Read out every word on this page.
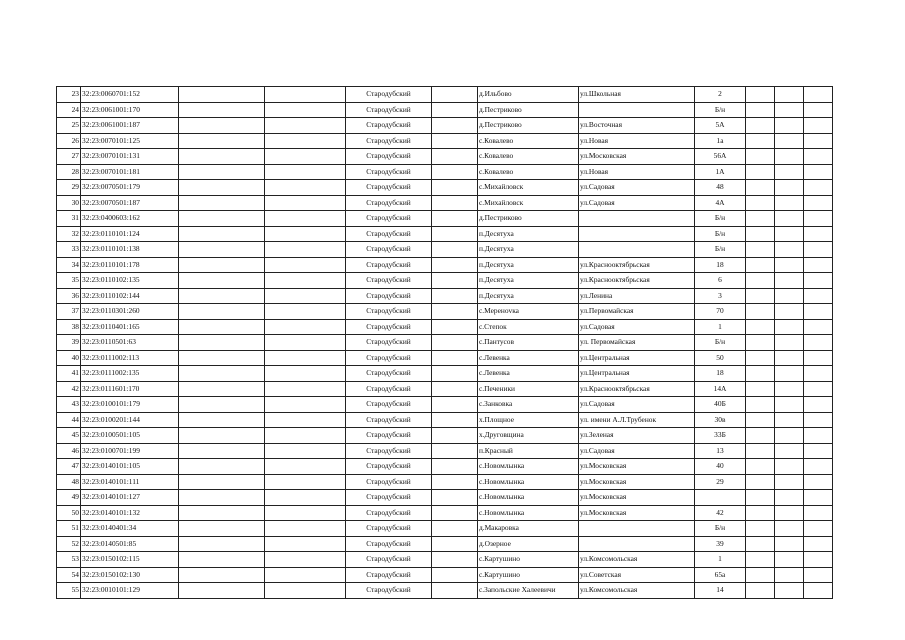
23	32:23:0060701:152			Стародубский		д.Ильбово	ул.Школьная	2			
24	32:23:0061001:170			Стародубский		д.Пестриково		Б/н			
25	32:23:0061001:187			Стародубский		д.Пестриково	ул.Восточная	5А			
26	32:23:0070101:125			Стародубский		с.Ковалево	ул.Новая	1а			
27	32:23:0070101:131			Стародубский		с.Ковалево	ул.Московская	56А			
28	32:23:0070101:181			Стародубский		с.Ковалево	ул.Новая	1А			
29	32:23:0070501:179			Стародубский		с.Михайловск	ул.Садовая	48			
30	32:23:0070501:187			Стародубский		с.Михайловск	ул.Садовая	4А			
31	32:23:0400603:162			Стародубский		д.Пестриково		Б/н			
32	32:23:0110101:124			Стародубский		п.Десятуха		Б/н			
33	32:23:0110101:138			Стародубский		п.Десятуха		Б/н			
34	32:23:0110101:178			Стародубский		п.Десятуха	ул.Краснооктябрьская	18			
35	32:23:0110102:135			Стародубский		п.Десятуха	ул.Краснооктябрьская	6			
36	32:23:0110102:144			Стародубский		п.Десятуха	ул.Ленина	3			
37	32:23:0110301:260			Стародубский		с.Меренovка	ул.Первомайская	70			
38	32:23:0110401:165			Стародубский		с.Степок	ул.Садовая	1			
39	32:23:0110501:63			Стародубский		с.Пантусов	ул. Первомайская	Б/н			
40	32:23:0111002:113			Стародубский		с.Левенка	ул.Центральная	50			
41	32:23:0111002:135			Стародубский		с.Левенка	ул.Центральная	18			
42	32:23:0111601:170			Стародубский		с.Печеники	ул.Краснооктябрьская	14А			
43	32:23:0100101:179			Стародубский		с.Занковка	ул.Садовая	40Б			
44	32:23:0100201:144			Стародубский		х.Площное	ул. имени А.Л.Трубенок	30в			
45	32:23:0100501:105			Стародубский		х.Друговщина	ул.Зеленая	33Б			
46	32:23:0100701:199			Стародубский		п.Красный	ул.Садовая	13			
47	32:23:0140101:105			Стародубский		с.Новомлынка	ул.Московская	40			
48	32:23:0140101:111			Стародубский		с.Новомлынка	ул.Московская	29			
49	32:23:0140101:127			Стародубский		с.Новомлынка	ул.Московская				
50	32:23:0140101:132			Стародубский		с.Новомлынка	ул.Московская	42			
51	32:23:0140401:34			Стародубский		д.Макаровка		Б/н			
52	32:23:0140501:85			Стародубский		д.Озерное		39			
53	32:23:0150102:115			Стародубский		с.Картушино	ул.Комсомольская	1			
54	32:23:0150102:130			Стародубский		с.Картушино	ул.Советская	65а			
55	32:23:0010101:129			Стародубский		с.Запольские Халеевичи	ул.Комсомольская	14			
